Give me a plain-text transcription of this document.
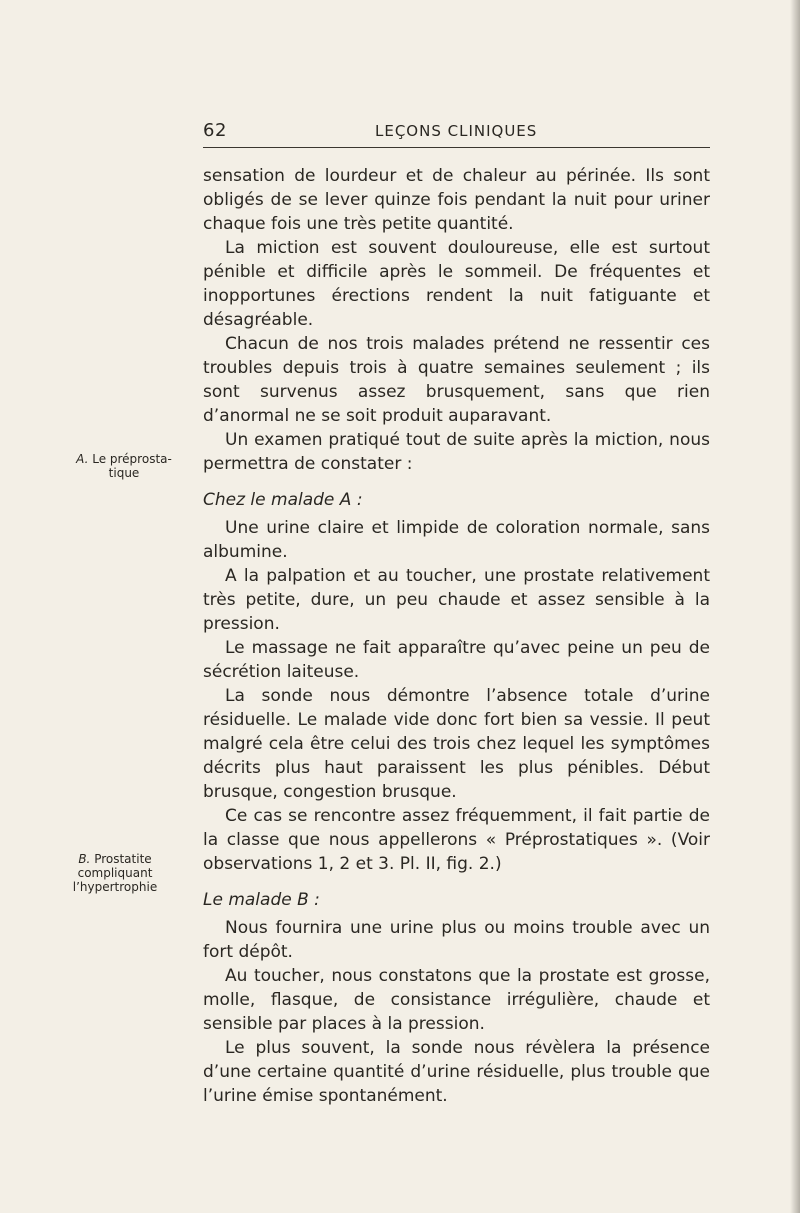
62	LEÇONS CLINIQUES

sensation de lourdeur et de chaleur au périnée. Ils sont obligés de se lever quinze fois pendant la nuit pour uriner chaque fois une très petite quantité.

La miction est souvent douloureuse, elle est surtout pénible et difficile après le sommeil. De fréquentes et inopportunes érections rendent la nuit fatiguante et désagréable.

Chacun de nos trois malades prétend ne ressentir ces troubles depuis trois à quatre semaines seulement ; ils sont survenus assez brusquement, sans que rien d’anormal ne se soit produit auparavant.

Un examen pratiqué tout de suite après la miction, nous permettra de constater :

Chez le malade A :

Une urine claire et limpide de coloration normale, sans albumine.

A la palpation et au toucher, une prostate relativement très petite, dure, un peu chaude et assez sensible à la pression.

Le massage ne fait apparaître qu’avec peine un peu de sécrétion laiteuse.

La sonde nous démontre l’absence totale d’urine résiduelle. Le malade vide donc fort bien sa vessie. Il peut malgré cela être celui des trois chez lequel les symptômes décrits plus haut paraissent les plus pénibles. Début brusque, congestion brusque.

Ce cas se rencontre assez fréquemment, il fait partie de la classe que nous appellerons « Préprostatiques ». (Voir observations 1, 2 et 3. Pl. II, fig. 2.)

Le malade B :

Nous fournira une urine plus ou moins trouble avec un fort dépôt.

Au toucher, nous constatons que la prostate est grosse, molle, flasque, de consistance irrégulière, chaude et sensible par places à la pression.

Le plus souvent, la sonde nous révèlera la présence d’une certaine quantité d’urine résiduelle, plus trouble que l’urine émise spontanément.

A. Le préprosta-
tique
B. Prostatite
compliquant
l’hypertrophie
